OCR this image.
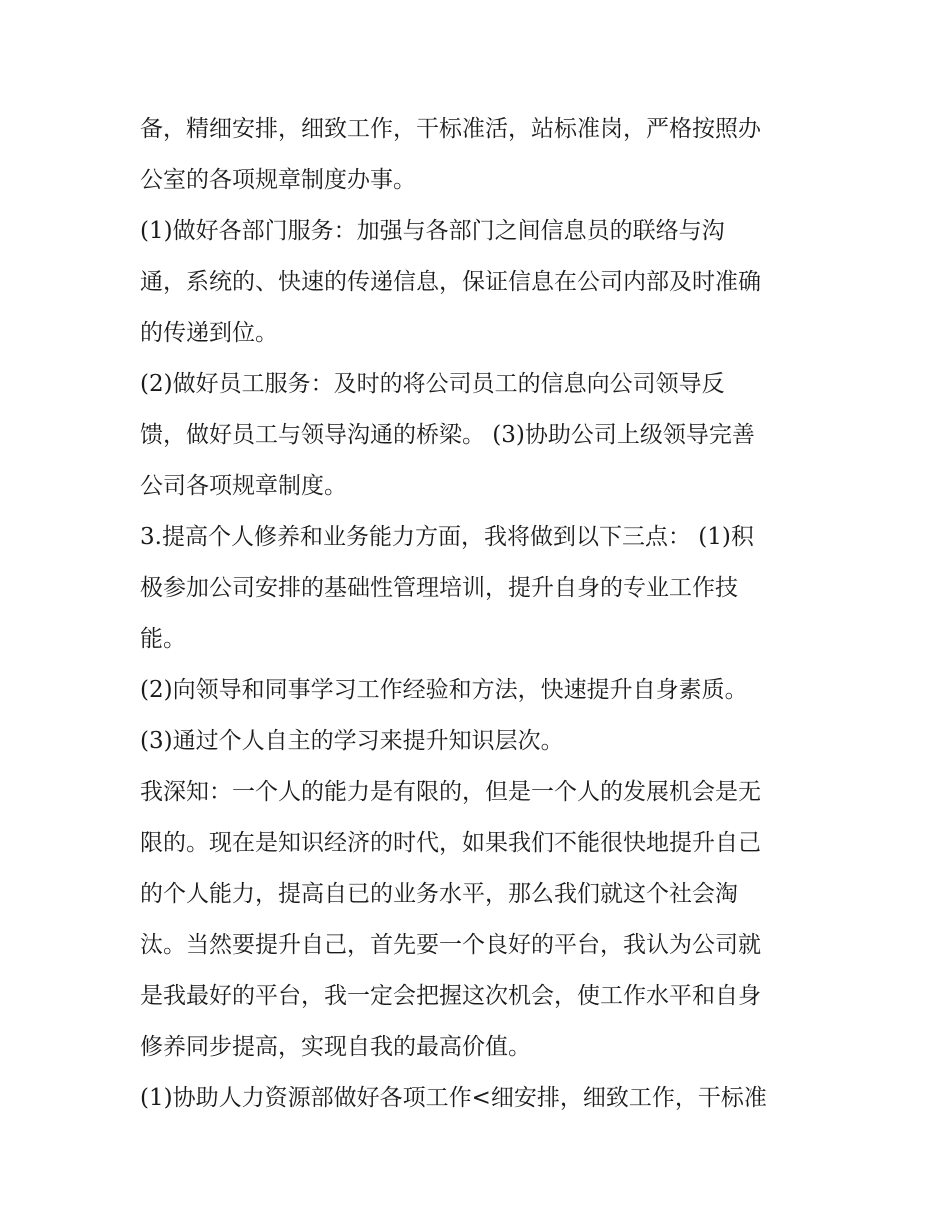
备，精细安排，细致工作，干标准活，站标准岗，严格按照办
公室的各项规章制度办事。
(1)做好各部门服务：加强与各部门之间信息员的联络与沟
通，系统的、快速的传递信息，保证信息在公司内部及时准确
的传递到位。
(2)做好员工服务：及时的将公司员工的信息向公司领导反
馈，做好员工与领导沟通的桥梁。 (3)协助公司上级领导完善
公司各项规章制度。
3.提高个人修养和业务能力方面，我将做到以下三点： (1)积
极参加公司安排的基础性管理培训，提升自身的专业工作技
能。
(2)向领导和同事学习工作经验和方法，快速提升自身素质。
(3)通过个人自主的学习来提升知识层次。
我深知：一个人的能力是有限的，但是一个人的发展机会是无
限的。现在是知识经济的时代，如果我们不能很快地提升自己
的个人能力，提高自已的业务水平，那么我们就这个社会淘
汰。当然要提升自己，首先要一个良好的平台，我认为公司就
是我最好的平台，我一定会把握这次机会，使工作水平和自身
修养同步提高，实现自我的最高价值。
(1)协助人力资源部做好各项工作<细安排，细致工作，干标准
